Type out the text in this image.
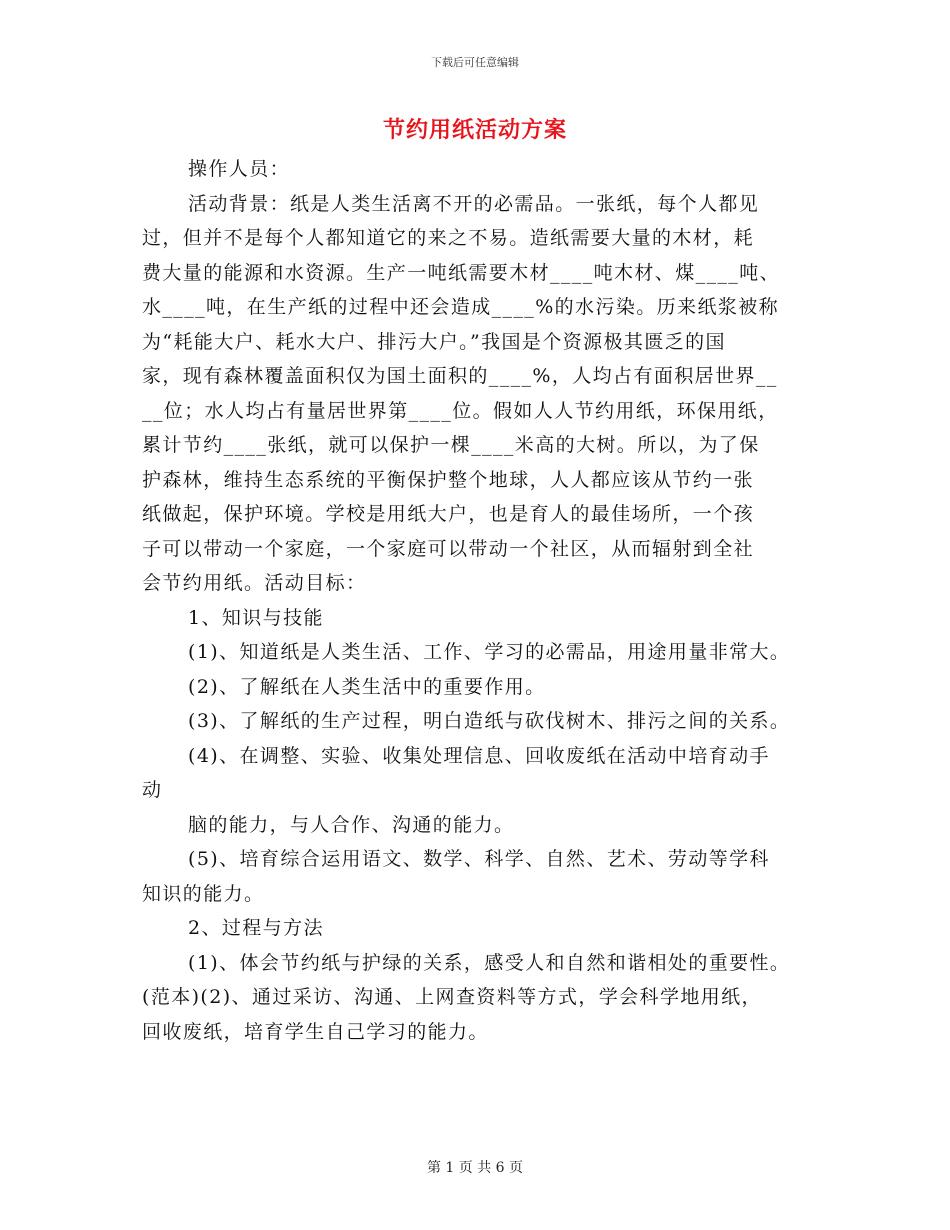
下载后可任意编辑
节约用纸活动方案
操作人员：
活动背景：纸是人类生活离不开的必需品。一张纸，每个人都见
过，但并不是每个人都知道它的来之不易。造纸需要大量的木材，耗
费大量的能源和水资源。生产一吨纸需要木材____吨木材、煤____吨、
水____吨，在生产纸的过程中还会造成____%的水污染。历来纸浆被称
为“耗能大户、耗水大户、排污大户。”我国是个资源极其匮乏的国
家，现有森林覆盖面积仅为国土面积的____%，人均占有面积居世界__
__位；水人均占有量居世界第____位。假如人人节约用纸，环保用纸，
累计节约____张纸，就可以保护一棵____米高的大树。所以，为了保
护森林，维持生态系统的平衡保护整个地球，人人都应该从节约一张
纸做起，保护环境。学校是用纸大户，也是育人的最佳场所，一个孩
子可以带动一个家庭，一个家庭可以带动一个社区，从而辐射到全社
会节约用纸。活动目标：
1、知识与技能
(1)、知道纸是人类生活、工作、学习的必需品，用途用量非常大。
(2)、了解纸在人类生活中的重要作用。
(3)、了解纸的生产过程，明白造纸与砍伐树木、排污之间的关系。
(4)、在调整、实验、收集处理信息、回收废纸在活动中培育动手
动
脑的能力，与人合作、沟通的能力。
(5)、培育综合运用语文、数学、科学、自然、艺术、劳动等学科
知识的能力。
2、过程与方法
(1)、体会节约纸与护绿的关系，感受人和自然和谐相处的重要性。
(范本)(2)、通过采访、沟通、上网查资料等方式，学会科学地用纸，
回收废纸，培育学生自己学习的能力。
第 1 页 共 6 页
